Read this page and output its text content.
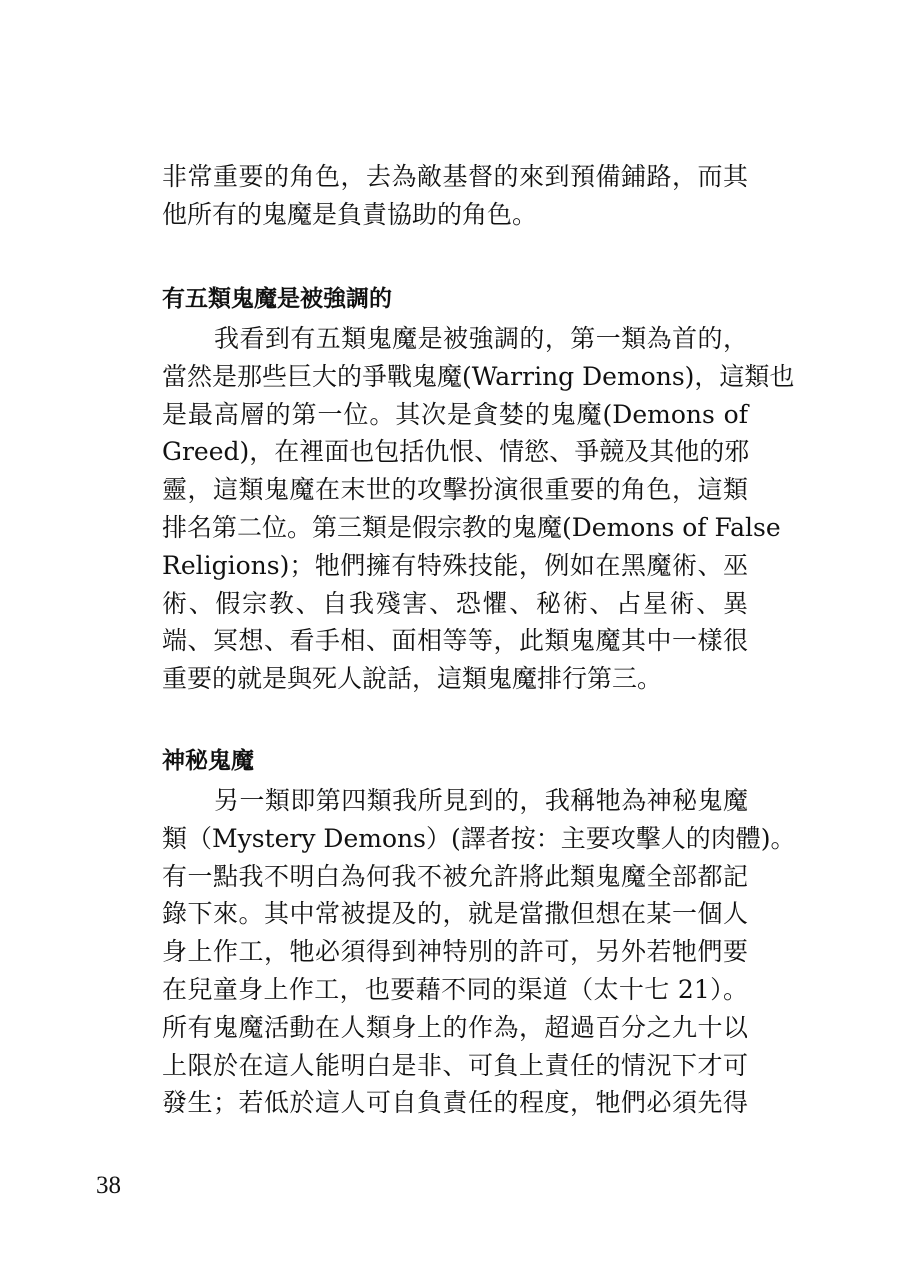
非常重要的角色，去為敵基督的來到預備鋪路，而其
他所有的鬼魔是負責協助的角色。
有五類鬼魔是被強調的
我看到有五類鬼魔是被強調的，第一類為首的，
當然是那些巨大的爭戰鬼魔(Warring Demons)，這類也
是最高層的第一位。其次是貪婪的鬼魔(Demons of
Greed)，在裡面也包括仇恨、情慾、爭競及其他的邪
靈，這類鬼魔在末世的攻擊扮演很重要的角色，這類
排名第二位。第三類是假宗教的鬼魔(Demons of False
Religions)；牠們擁有特殊技能，例如在黑魔術、巫
術、假宗教、自我殘害、恐懼、秘術、占星術、異
端、冥想、看手相、面相等等，此類鬼魔其中一樣很
重要的就是與死人說話，這類鬼魔排行第三。
神秘鬼魔
另一類即第四類我所見到的，我稱牠為神秘鬼魔
類（Mystery Demons）(譯者按：主要攻擊人的肉體)。
有一點我不明白為何我不被允許將此類鬼魔全部都記
錄下來。其中常被提及的，就是當撒但想在某一個人
身上作工，牠必須得到神特別的許可，另外若牠們要
在兒童身上作工，也要藉不同的渠道（太十七 21）。
所有鬼魔活動在人類身上的作為，超過百分之九十以
上限於在這人能明白是非、可負上責任的情況下才可
發生；若低於這人可自負責任的程度，牠們必須先得
38
